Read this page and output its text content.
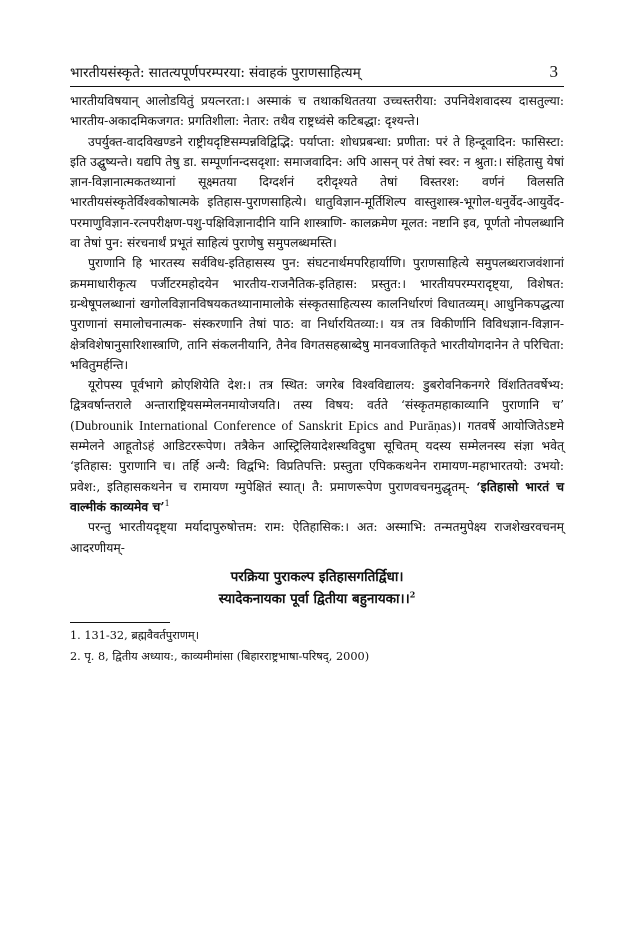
भारतीयसंस्कृते: सातत्यपूर्णपरम्परया: संवाहकं पुराणसाहित्यम्	3

भारतीयविषयान् आलोडयितुं प्रयत्नरता:। अस्माकं च तथाकथिततया उच्चस्तरीया: उपनिवेशवादस्य दासतुल्या: भारतीय-अकादमिकजगत: प्रगतिशीला: नेतार: तथैव राष्ट्रध्वंसे कटिबद्धा: दृश्यन्ते।

उपर्युक्त-वादविखण्डने राष्ट्रीयदृष्टिसम्पन्नविद्विद्भि: पर्याप्ता: शोधप्रबन्धा: प्रणीता: परं ते हिन्दूवादिन: फासिस्टा: इति उद्घुष्यन्ते। यद्यपि तेषु डा. सम्पूर्णानन्दसदृशा: समाजवादिन: अपि आसन् परं तेषां स्वर: न श्रुता:। संहितासु येषां ज्ञान-विज्ञानात्मकतथ्यानां सूक्ष्मतया दिग्दर्शनं दरीदृश्यते तेषां विस्तरश: वर्णनं विलसति भारतीयसंस्कृतेर्विश्वकोषात्मके इतिहास-पुराणसाहित्ये। धातुविज्ञान-मूर्तिशिल्प वास्तुशास्त्र-भूगोल-धनुर्वेद-आयुर्वेद-परमाणुविज्ञान-रत्नपरीक्षण-पशु-पक्षिविज्ञानादीनि यानि शास्त्राणि- कालक्रमेण मूलत: नष्टानि इव, पूर्णतो नोपलब्धानि वा तेषां पुन: संरचनार्थं प्रभूतं साहित्यं पुराणेषु समुपलब्धमस्ति।

पुराणानि हि भारतस्य सर्वविध-इतिहासस्य पुन: संघटनार्थमपरिहार्याणि। पुराणसाहित्ये समुपलब्धराजवंशानां क्रममाधारीकृत्य पर्जीटरमहोदयेन भारतीय-राजनैतिक-इतिहास: प्रस्तुत:। भारतीयपरम्परादृष्ट्या, विशेषत: ग्रन्थेषूपलब्धानां खगोलविज्ञानविषयकतथ्यानामालोके संस्कृतसाहित्यस्य कालनिर्धारणं विधातव्यम्। आधुनिकपद्धत्या पुराणानां समालोचनात्मक- संस्करणानि तेषां पाठ: वा निर्धारयितव्या:। यत्र तत्र विकीर्णानि विविधज्ञान-विज्ञान-क्षेत्रविशेषानुसारिशास्त्राणि, तानि संकलनीयानि, तैनेव विगतसहस्राब्देषु मानवजातिकृते भारतीयोगदानेन ते परिचिता: भवितुमर्हन्ति।

यूरोपस्य पूर्वभागे क्रोएशियेति देश:। तत्र स्थित: जगरेब विश्वविद्यालय: डुबरोवनिकनगरे विंशतितवर्षेभ्य: द्वित्रवर्षान्तराले अन्ताराष्ट्रियसम्मेलनमायोजयति। तस्य विषय: वर्तते ‘संस्कृतमहाकाव्यानि पुराणानि च’ (Dubrounik International Conference of Sanskrit Epics and Purāṇas)। गतवर्षे आयोजितेऽष्टमे सम्मेलने आहूतोऽहं आडिटररूपेण। तत्रैकेन आस्ट्रिलियादेशस्थविदुषा सूचितम् यदस्य सम्मेलनस्य संज्ञा भवेत् ‘इतिहास: पुराणानि च। तर्हि अन्यै: विद्वभि: विप्रतिपत्ति: प्रस्तुता एपिककथनेन रामायण-महाभारतयो: उभयो: प्रवेश:, इतिहासकथनेन च रामायण ग्मुपेक्षितं स्यात्। तै: प्रमाणरूपेण पुराणवचनमुद्धृतम्- ‘इतिहासो भारतं च वाल्मीकं काव्यमेव च’$^1$

परन्तु भारतीयदृष्ट्या मर्यादापुरुषोत्तम: राम: ऐतिहासिक:। अत: अस्माभि: तन्मतमुपेक्ष्य राजशेखरवचनम् आदरणीयम्-

परक्रिया पुराकल्प इतिहासगतिर्द्विधा।
स्यादेकनायका पूर्वा द्वितीया बहुनायका।।$^2$
1. 131-32, ब्रह्मवैवर्तपुराणम्।
2. पृ. 8, द्वितीय अध्याय:, काव्यमीमांसा (बिहारराष्ट्रभाषा-परिषद्, 2000)
